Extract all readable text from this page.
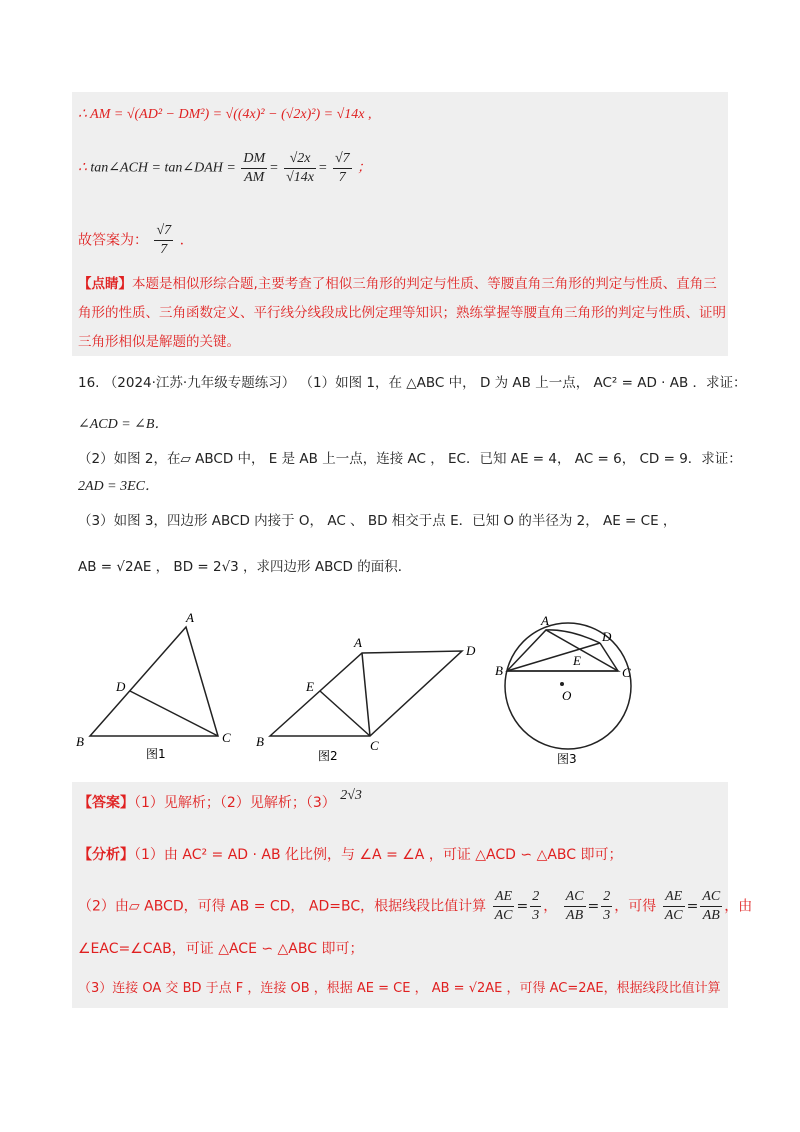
∴ AM = √(AD² − DM²) = √((4x)² − (√2x)²) = √14x ,
∴ tan∠ACH = tan∠DAH = $\frac{DM}{AM} = \frac{√2x}{√14x} = \frac{√7}{7}$ ；
故答案为： $\frac{√7}{7}$ .
【点睛】本题是相似形综合题,主要考查了相似三角形的判定与性质、等腰直角三角形的判定与性质、直角三角形的性质、三角函数定义、平行线分线段成比例定理等知识；熟练掌握等腰直角三角形的判定与性质、证明三角形相似是解题的关键。
16. （2024·江苏·九年级专题练习） （1）如图 1，在 △ABC 中， D 为 AB 上一点， AC² = AD · AB ．求证：
∠ACD = ∠B．
（2）如图 2，在▱ ABCD 中， E 是 AB 上一点，连接 AC ， EC．已知 AE = 4， AC = 6， CD = 9．求证：
2AD = 3EC．
（3）如图 3，四边形 ABCD 内接于 O， AC 、 BD 相交于点 E．已知 O 的半径为 2， AE = CE ，
AB = √2AE ， BD = 2√3 ，求四边形 ABCD 的面积．
A
B	C
D
图1
A
B	C
D
E
图2
A
B	C
D
E
O
图3
【答案】（1）见解析；（2）见解析；（3） 2√3
【分析】（1）由 AC² = AD · AB 化比例，与 ∠A = ∠A ，可证 △ACD ∽ △ABC 即可；
（2）由▱ ABCD，可得 AB = CD， AD=BC，根据线段比值计算 $\frac{AE}{AC} = \frac{2}{3}$ ， $\frac{AC}{AB} = \frac{2}{3}$ ，可得 $\frac{AE}{AC} = \frac{AC}{AB}$ ，由
∠EAC=∠CAB，可证 △ACE ∽ △ABC 即可；
（3）连接 OA 交 BD 于点 F ，连接 OB ，根据 AE = CE ， AB = √2AE ，可得 AC=2AE，根据线段比值计算
